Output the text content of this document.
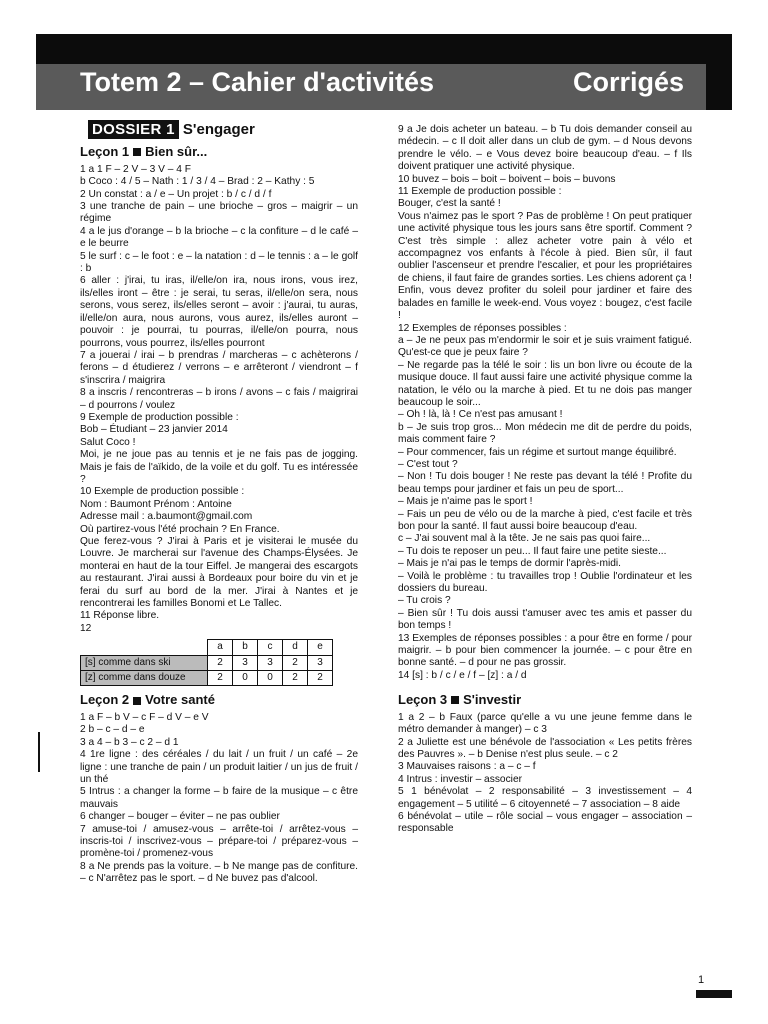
Totem 2 – Cahier d'activités	Corrigés
DOSSIER 1 S'engager
Leçon 1 Bien sûr...

1 a 1 F – 2 V – 3 V – 4 F

b Coco : 4 / 5 – Nath : 1 / 3 / 4 – Brad : 2 – Kathy : 5

2 Un constat : a / e – Un projet : b / c / d / f

3 une tranche de pain – une brioche – gros – maigrir – un régime

4 a le jus d'orange – b la brioche – c la confiture – d le café – e le beurre

5 le surf : c – le foot : e – la natation : d – le tennis : a – le golf : b

6 aller : j'irai, tu iras, il/elle/on ira, nous irons, vous irez, ils/elles iront – être : je serai, tu seras, il/elle/on sera, nous serons, vous serez, ils/elles seront – avoir : j'aurai, tu auras, il/elle/on aura, nous aurons, vous aurez, ils/elles auront – pouvoir : je pourrai, tu pourras, il/elle/on pourra, nous pourrons, vous pourrez, ils/elles pourront

7 a jouerai / irai – b prendras / marcheras – c achèterons / ferons – d étudierez / verrons – e arrêteront / viendront – f s'inscrira / maigrira

8 a inscris / rencontreras – b irons / avons – c fais / maigrirai – d pourrons / voulez

9 Exemple de production possible :

Bob – Étudiant – 23 janvier 2014

Salut Coco !

Moi, je ne joue pas au tennis et je ne fais pas de jogging. Mais je fais de l'aïkido, de la voile et du golf. Tu es intéressée ?

10 Exemple de production possible :

Nom : Baumont Prénom : Antoine

Adresse mail : a.baumont@gmail.com

Où partirez-vous l'été prochain ? En France.

Que ferez-vous ? J'irai à Paris et je visiterai le musée du Louvre. Je marcherai sur l'avenue des Champs-Élysées. Je monterai en haut de la tour Eiffel. Je mangerai des escargots au restaurant. J'irai aussi à Bordeaux pour boire du vin et je ferai du surf au bord de la mer. J'irai à Nantes et je rencontrerai les familles Bonomi et Le Tallec.

11 Réponse libre.

12

	a	b	c	d	e
[s] comme dans ski	2	3	3	2	3
[z] comme dans douze	2	0	0	2	2
Leçon 2 Votre santé

1 a F – b V – c F – d V – e V

2 b – c – d – e

3 a 4 – b 3 – c 2 – d 1

4 1re ligne : des céréales / du lait / un fruit / un café – 2e ligne : une tranche de pain / un produit laitier / un jus de fruit / un thé

5 Intrus : a changer la forme – b faire de la musique – c être mauvais

6 changer – bouger – éviter – ne pas oublier

7 amuse-toi / amusez-vous – arrête-toi / arrêtez-vous – inscris-toi / inscrivez-vous – prépare-toi / préparez-vous – promène-toi / promenez-vous

8 a Ne prends pas la voiture. – b Ne mange pas de confiture. – c N'arrêtez pas le sport. – d Ne buvez pas d'alcool.

9 a Je dois acheter un bateau. – b Tu dois demander conseil au médecin. – c Il doit aller dans un club de gym. – d Nous devons prendre le vélo. – e Vous devez boire beaucoup d'eau. – f Ils doivent pratiquer une activité physique.

10 buvez – bois – boit – boivent – bois – buvons

11 Exemple de production possible :

Bouger, c'est la santé !

Vous n'aimez pas le sport ? Pas de problème ! On peut pratiquer une activité physique tous les jours sans être sportif. Comment ? C'est très simple : allez acheter votre pain à vélo et accompagnez vos enfants à l'école à pied. Bien sûr, il faut oublier l'ascenseur et prendre l'escalier, et pour les propriétaires de chiens, il faut faire de grandes sorties. Les chiens adorent ça ! Enfin, vous devez profiter du soleil pour jardiner et faire des balades en famille le week-end. Vous voyez : bougez, c'est facile !

12 Exemples de réponses possibles :

a – Je ne peux pas m'endormir le soir et je suis vraiment fatigué. Qu'est-ce que je peux faire ?

– Ne regarde pas la télé le soir : lis un bon livre ou écoute de la musique douce. Il faut aussi faire une activité physique comme la natation, le vélo ou la marche à pied. Et tu ne dois pas manger beaucoup le soir...

– Oh ! là, là ! Ce n'est pas amusant !

b – Je suis trop gros... Mon médecin me dit de perdre du poids, mais comment faire ?

– Pour commencer, fais un régime et surtout mange équilibré.

– C'est tout ?

– Non ! Tu dois bouger ! Ne reste pas devant la télé ! Profite du beau temps pour jardiner et fais un peu de sport...

– Mais je n'aime pas le sport !

– Fais un peu de vélo ou de la marche à pied, c'est facile et très bon pour la santé. Il faut aussi boire beaucoup d'eau.

c – J'ai souvent mal à la tête. Je ne sais pas quoi faire...

– Tu dois te reposer un peu... Il faut faire une petite sieste...

– Mais je n'ai pas le temps de dormir l'après-midi.

– Voilà le problème : tu travailles trop ! Oublie l'ordinateur et les dossiers du bureau.

– Tu crois ?

– Bien sûr ! Tu dois aussi t'amuser avec tes amis et passer du bon temps !

13 Exemples de réponses possibles : a pour être en forme / pour maigrir. – b pour bien commencer la journée. – c pour être en bonne santé. – d pour ne pas grossir.

14 [s] : b / c / e / f – [z] : a / d

Leçon 3 S'investir

1 a 2 – b Faux (parce qu'elle a vu une jeune femme dans le métro demander à manger) – c 3

2 a Juliette est une bénévole de l'association « Les petits frères des Pauvres ». – b Denise n'est plus seule. – c 2

3 Mauvaises raisons : a – c – f

4 Intrus : investir – associer

5 1 bénévolat – 2 responsabilité – 3 investissement – 4 engagement – 5 utilité – 6 citoyenneté – 7 association – 8 aide

6 bénévolat – utile – rôle social – vous engager – association – responsable

1
